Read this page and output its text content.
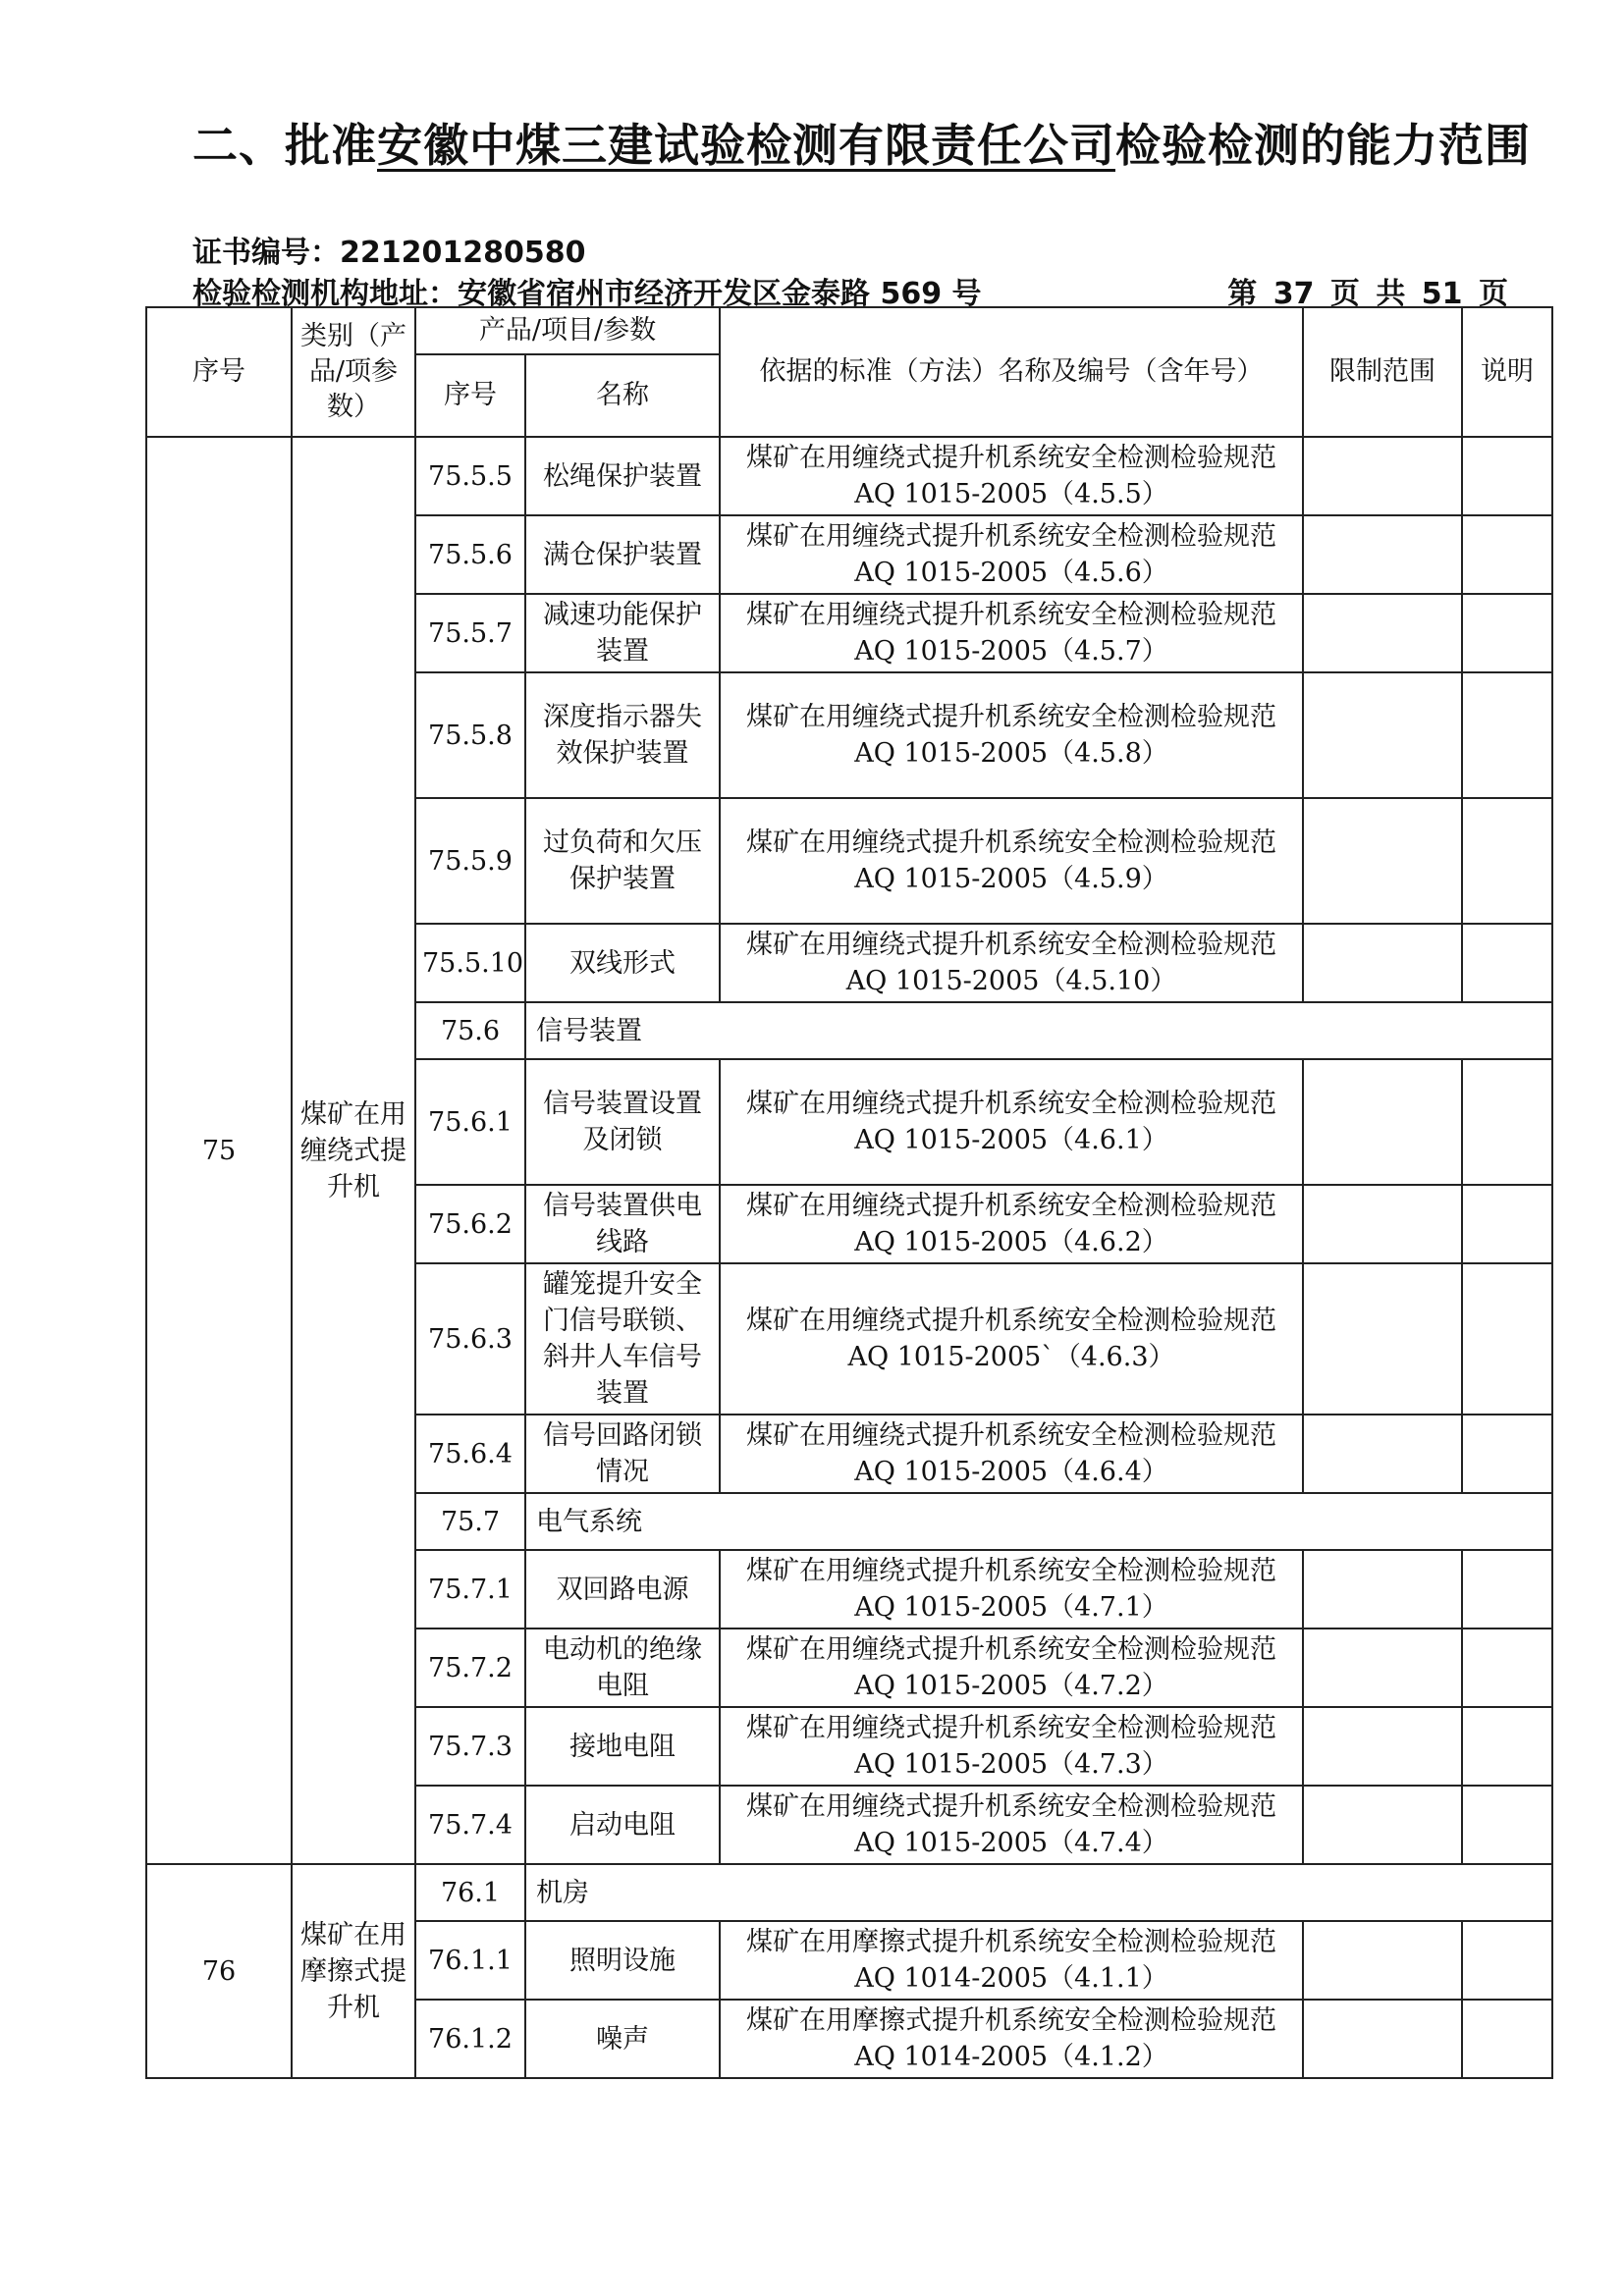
二、批准安徽中煤三建试验检测有限责任公司检验检测的能力范围
证书编号：221201280580
检验检测机构地址：安徽省宿州市经济开发区金泰路 569 号	第 37 页 共 51 页
序号	类别（产品/项参数）	产品/项目/参数		依据的标准（方法）名称及编号（含年号）	限制范围	说明
		序号	名称			
75	煤矿在用缠绕式提升机	75.5.5	松绳保护装置	煤矿在用缠绕式提升机系统安全检测检验规范 AQ 1015-2005（4.5.5）		
		75.5.6	满仓保护装置	煤矿在用缠绕式提升机系统安全检测检验规范 AQ 1015-2005（4.5.6）		
		75.5.7	减速功能保护装置	煤矿在用缠绕式提升机系统安全检测检验规范 AQ 1015-2005（4.5.7）		
		75.5.8	深度指示器失效保护装置	煤矿在用缠绕式提升机系统安全检测检验规范 AQ 1015-2005（4.5.8）		
		75.5.9	过负荷和欠压保护装置	煤矿在用缠绕式提升机系统安全检测检验规范 AQ 1015-2005（4.5.9）		
		75.5.10	双线形式	煤矿在用缠绕式提升机系统安全检测检验规范 AQ 1015-2005（4.5.10）		
		75.6	信号装置			
		75.6.1	信号装置设置及闭锁	煤矿在用缠绕式提升机系统安全检测检验规范 AQ 1015-2005（4.6.1）		
		75.6.2	信号装置供电线路	煤矿在用缠绕式提升机系统安全检测检验规范 AQ 1015-2005（4.6.2）		
		75.6.3	罐笼提升安全门信号联锁、斜井人车信号装置	煤矿在用缠绕式提升机系统安全检测检验规范 AQ 1015-2005`（4.6.3）		
		75.6.4	信号回路闭锁情况	煤矿在用缠绕式提升机系统安全检测检验规范 AQ 1015-2005（4.6.4）		
		75.7	电气系统			
		75.7.1	双回路电源	煤矿在用缠绕式提升机系统安全检测检验规范 AQ 1015-2005（4.7.1）		
		75.7.2	电动机的绝缘电阻	煤矿在用缠绕式提升机系统安全检测检验规范 AQ 1015-2005（4.7.2）		
		75.7.3	接地电阻	煤矿在用缠绕式提升机系统安全检测检验规范 AQ 1015-2005（4.7.3）		
		75.7.4	启动电阻	煤矿在用缠绕式提升机系统安全检测检验规范 AQ 1015-2005（4.7.4）		
76	煤矿在用摩擦式提升机	76.1	机房			
		76.1.1	照明设施	煤矿在用摩擦式提升机系统安全检测检验规范 AQ 1014-2005（4.1.1）		
		76.1.2	噪声	煤矿在用摩擦式提升机系统安全检测检验规范 AQ 1014-2005（4.1.2）		
